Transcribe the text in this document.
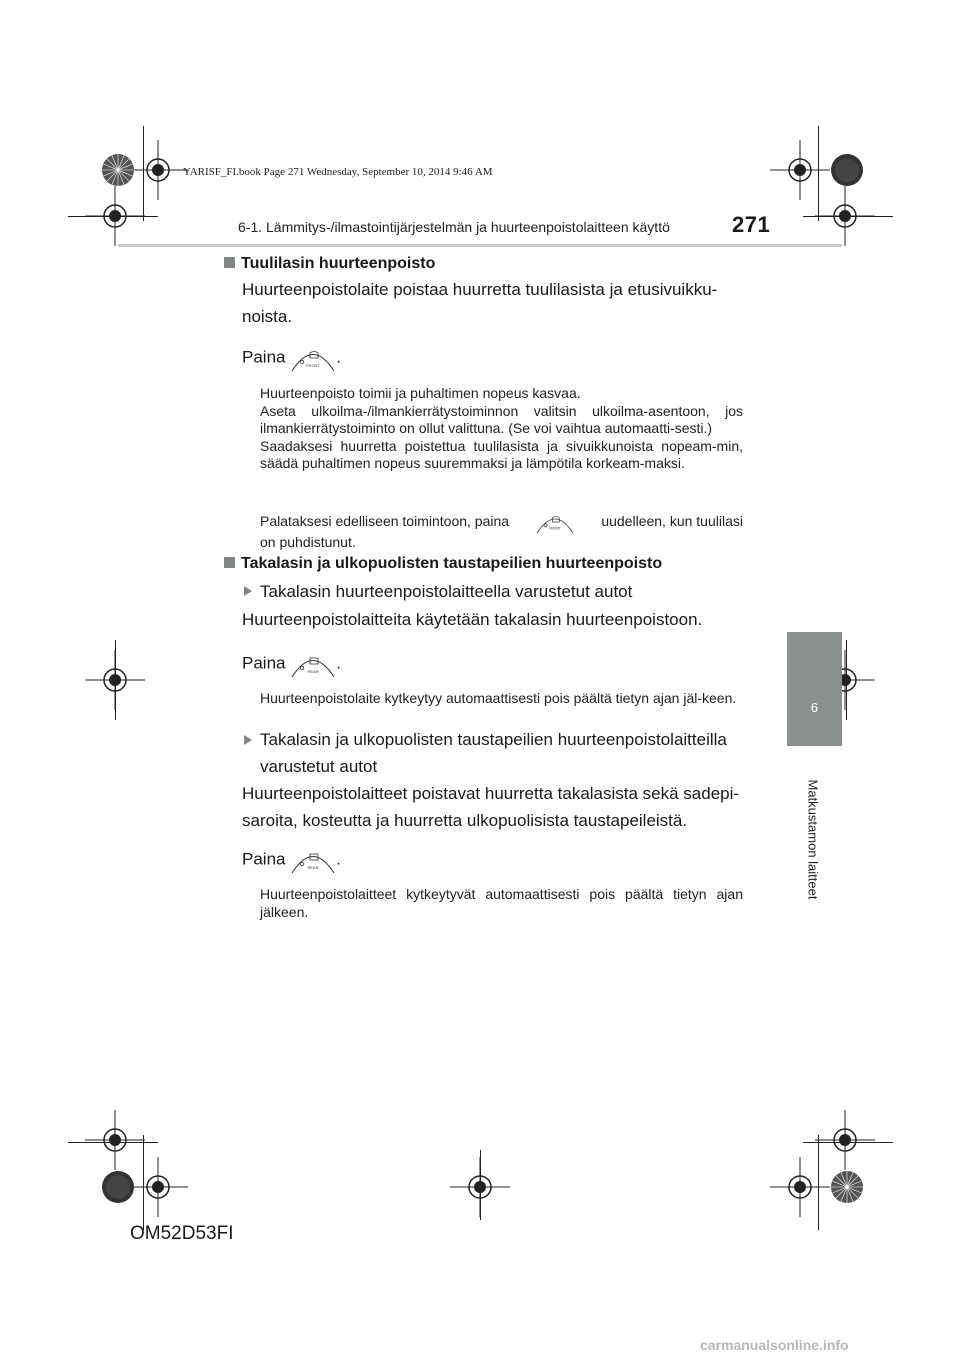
YARISF_FI.book Page 271 Wednesday, September 10, 2014 9:46 AM
6-1. Lämmitys-/ilmastointijärjestelmän ja huurteenpoistolaitteen käyttö	271
6
Matkustamon laitteet
Tuulilasin huurteenpoisto
Huurteenpoistolaite poistaa huurretta tuulilasista ja etusivuikku-
noista.
Paina	FRONT .
Huurteenpoisto toimii ja puhaltimen nopeus kasvaa.
Aseta ulkoilma-/ilmankierrätystoiminnon valitsin ulkoilma-asentoon, jos ilmankierrätystoiminto on ollut valittuna. (Se voi vaihtua automaatti-sesti.)
Saadaksesi huurretta poistettua tuulilasista ja sivuikkunoista nopeam-min, säädä puhaltimen nopeus suuremmaksi ja lämpötila korkeam-maksi.
Palataksesi edelliseen toimintoon, paina	FRONT	uudelleen, kun tuulilasi
on puhdistunut.
Takalasin ja ulkopuolisten taustapeilien huurteenpoisto
Takalasin huurteenpoistolaitteella varustetut autot
Huurteenpoistolaitteita käytetään takalasin huurteenpoistoon.
Paina	REAR .
Huurteenpoistolaite kytkeytyy automaattisesti pois päältä tietyn ajan jäl-keen.
Takalasin ja ulkopuolisten taustapeilien huurteenpoistolaitteilla
varustetut autot
Huurteenpoistolaitteet poistavat huurretta takalasista sekä sadepi-
saroita, kosteutta ja huurretta ulkopuolisista taustapeileistä.
Paina	REAR .
Huurteenpoistolaitteet kytkeytyvät automaattisesti pois päältä tietyn ajan jälkeen.
OM52D53FI
carmanualsonline.info
